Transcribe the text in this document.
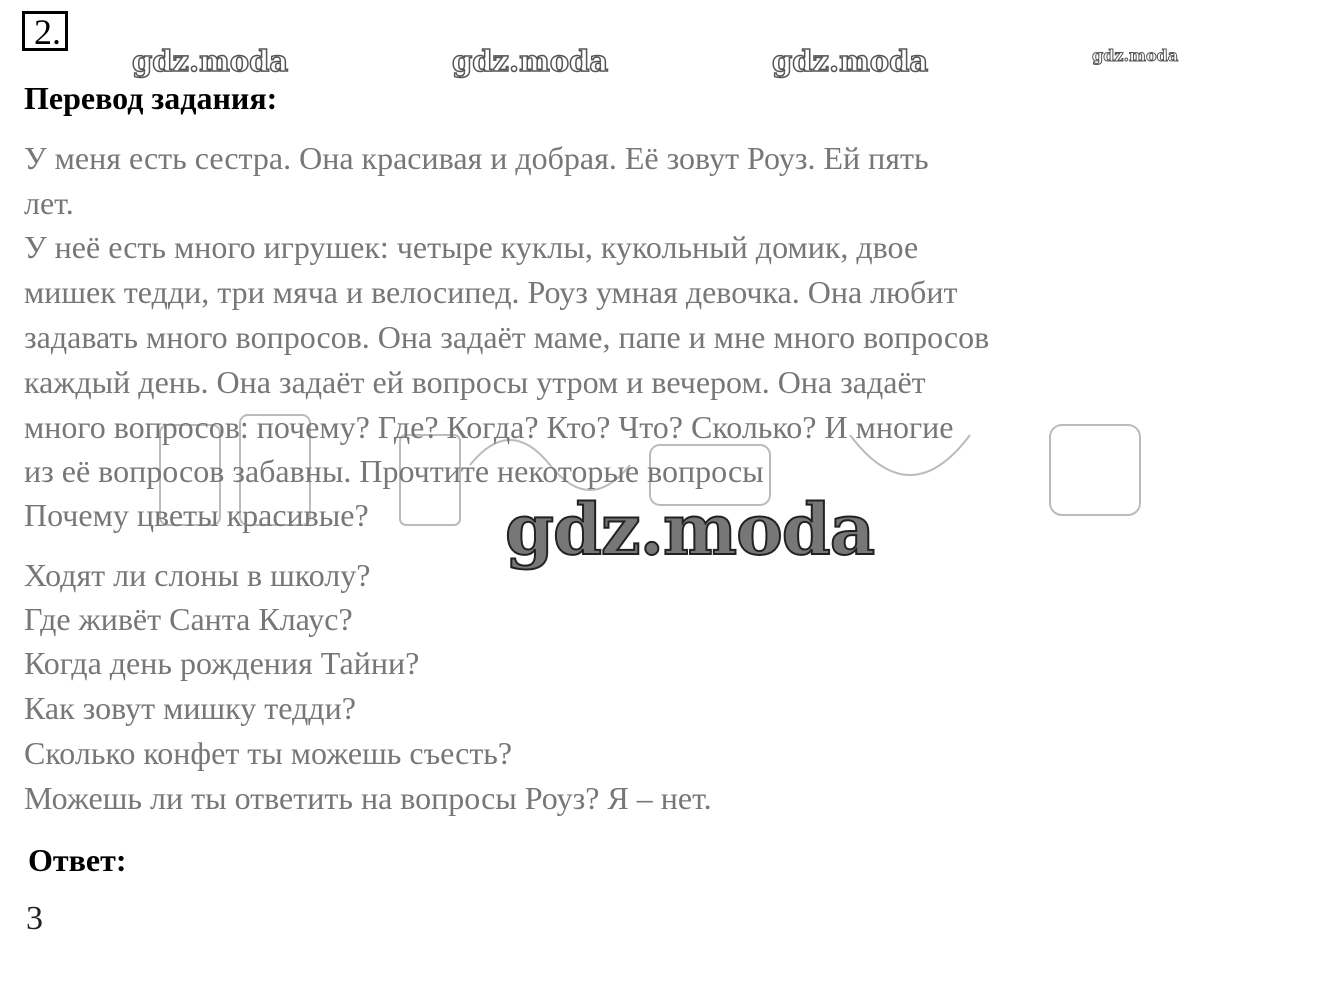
2.
gdz.moda	gdz.moda	gdz.moda	gdz.moda
Перевод задания:
У меня есть сестра. Она красивая и добрая. Её зовут Роуз. Ей пять
лет.
У неё есть много игрушек: четыре куклы, кукольный домик, двое
мишек тедди, три мяча и велосипед. Роуз умная девочка. Она любит
задавать много вопросов. Она задаёт маме, папе и мне много вопросов
каждый день. Она задаёт ей вопросы утром и вечером. Она задаёт
много вопросов: почему? Где? Когда? Кто? Что? Сколько? И многие
из её вопросов забавны. Прочтите некоторые вопросы
Почему цветы красивые?
Ходят ли слоны в школу?
Где живёт Санта Клаус?
Когда день рождения Тайни?
Как зовут мишку тедди?
Сколько конфет ты можешь съесть?
Можешь ли ты ответить на вопросы Роуз? Я – нет.
gdz.moda
Ответ:
3
